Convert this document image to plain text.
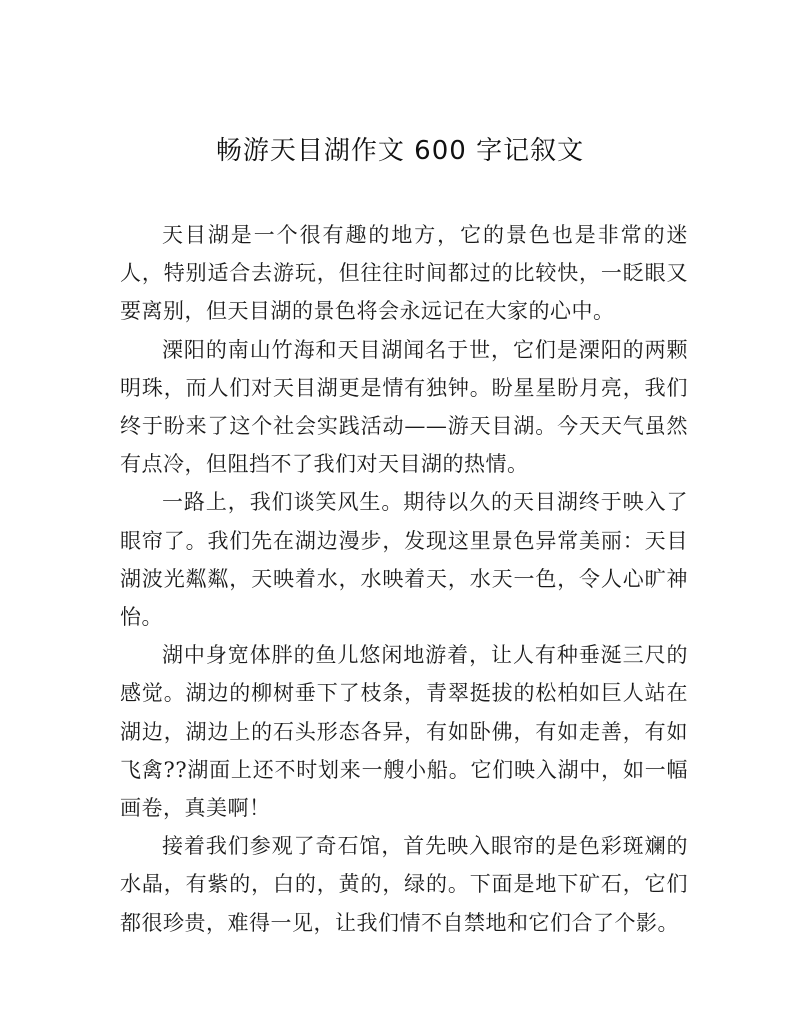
畅游天目湖作文 600 字记叙文

天目湖是一个很有趣的地方，它的景色也是非常的迷人，特别适合去游玩，但往往时间都过的比较快，一眨眼又要离别，但天目湖的景色将会永远记在大家的心中。

溧阳的南山竹海和天目湖闻名于世，它们是溧阳的两颗明珠，而人们对天目湖更是情有独钟。盼星星盼月亮，我们终于盼来了这个社会实践活动——游天目湖。今天天气虽然有点冷，但阻挡不了我们对天目湖的热情。

一路上，我们谈笑风生。期待以久的天目湖终于映入了眼帘了。我们先在湖边漫步，发现这里景色异常美丽：天目湖波光粼粼，天映着水，水映着天，水天一色，令人心旷神怡。

湖中身宽体胖的鱼儿悠闲地游着，让人有种垂涎三尺的感觉。湖边的柳树垂下了枝条，青翠挺拔的松柏如巨人站在湖边，湖边上的石头形态各异，有如卧佛，有如走善，有如飞禽??湖面上还不时划来一艘小船。它们映入湖中，如一幅画卷，真美啊！

接着我们参观了奇石馆，首先映入眼帘的是色彩斑斓的水晶，有紫的，白的，黄的，绿的。下面是地下矿石，它们都很珍贵，难得一见，让我们情不自禁地和它们合了个影。
